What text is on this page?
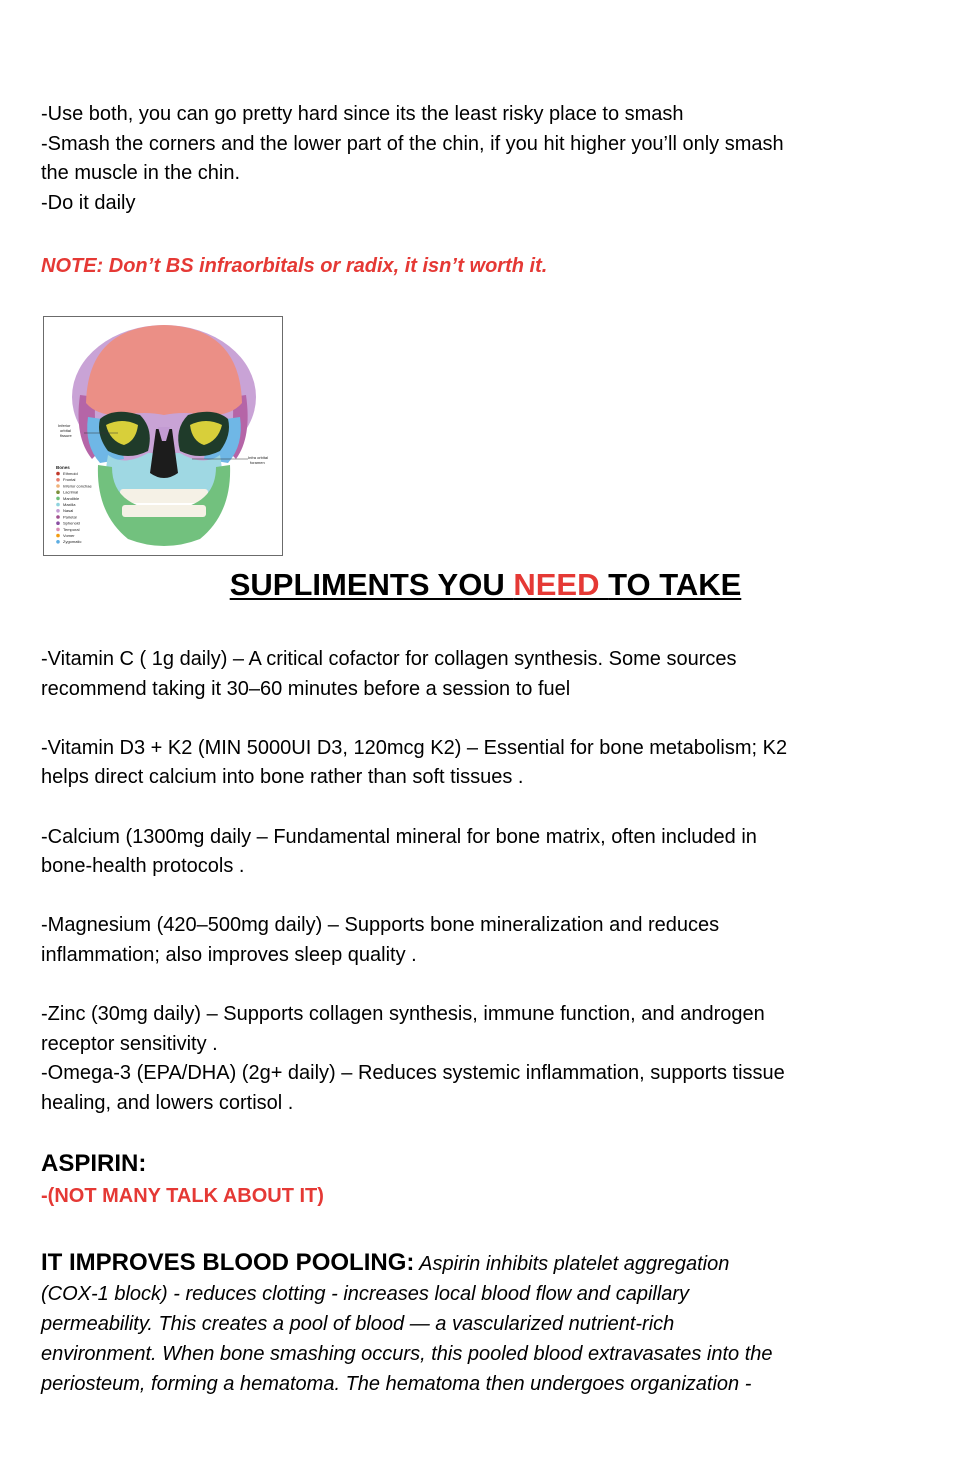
-Use both, you can go pretty hard since its the least risky place to smash
-Smash the corners and the lower part of the chin, if you hit higher you’ll only smash
the muscle in the chin.
-Do it daily

NOTE: Don’t BS infraorbitals or radix, it isn’t worth it.

Inferior orbital fissure
Infra orbital foramen
Bones
Ethmoid
Frontal
Inferior conchae
Lacrimal
Mandible
Maxilla
Nasal
Parietal
Sphenoid
Temporal
Vomer
Zygomatic
SUPLIMENTS YOU NEED TO TAKE

-Vitamin C ( 1g daily) – A critical cofactor for collagen synthesis. Some sources
recommend taking it 30–60 minutes before a session to fuel

-Vitamin D3 + K2 (MIN 5000UI D3, 120mcg K2) – Essential for bone metabolism; K2
helps direct calcium into bone rather than soft tissues .

-Calcium (1300mg daily – Fundamental mineral for bone matrix, often included in
bone-health protocols .

-Magnesium (420–500mg daily) – Supports bone mineralization and reduces
inflammation; also improves sleep quality .

-Zinc (30mg daily) – Supports collagen synthesis, immune function, and androgen
receptor sensitivity .

-Omega-3 (EPA/DHA) (2g+ daily) – Reduces systemic inflammation, supports tissue
healing, and lowers cortisol .

ASPIRIN:
-(NOT MANY TALK ABOUT IT)
IT IMPROVES BLOOD POOLING: Aspirin inhibits platelet aggregation
(COX‑1 block) - reduces clotting - increases local blood flow and capillary
permeability. This creates a pool of blood — a vascularized nutrient‑rich
environment. When bone smashing occurs, this pooled blood extravasates into the
periosteum, forming a hematoma. The hematoma then undergoes organization -
